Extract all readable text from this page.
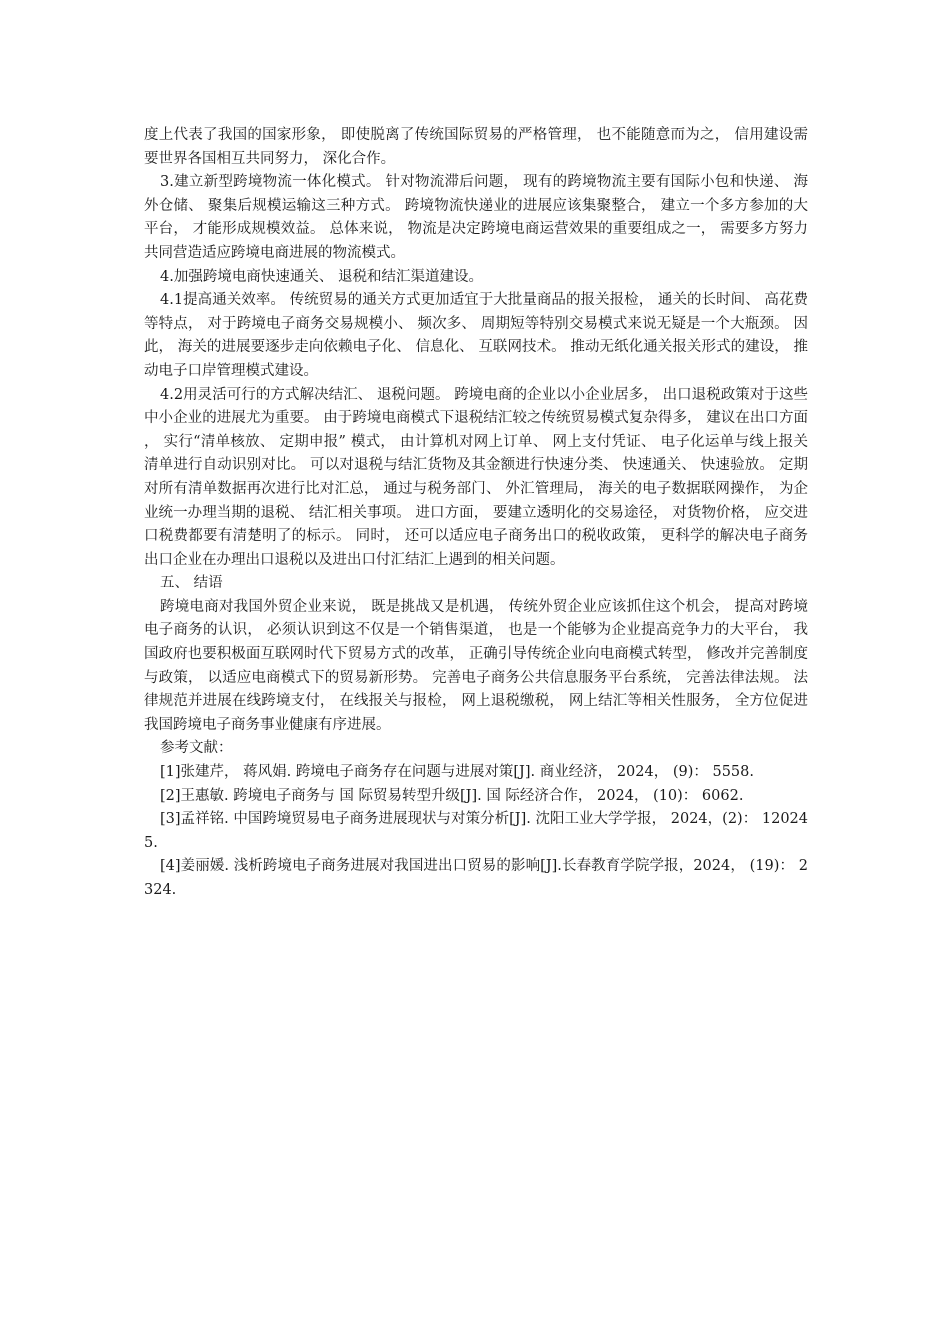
度上代表了我国的国家形象， 即使脱离了传统国际贸易的严格管理， 也不能随意而为之， 信用建设需要世界各国相互共同努力， 深化合作。

3.建立新型跨境物流一体化模式。 针对物流滞后问题， 现有的跨境物流主要有国际小包和快递、 海外仓储、 聚集后规模运输这三种方式。 跨境物流快递业的进展应该集聚整合， 建立一个多方参加的大平台， 才能形成规模效益。 总体来说， 物流是决定跨境电商运营效果的重要组成之一， 需要多方努力共同营造适应跨境电商进展的物流模式。

4.加强跨境电商快速通关、 退税和结汇渠道建设。

4.1提高通关效率。 传统贸易的通关方式更加适宜于大批量商品的报关报检， 通关的长时间、 高花费等特点， 对于跨境电子商务交易规模小、 频次多、 周期短等特别交易模式来说无疑是一个大瓶颈。 因此， 海关的进展要逐步走向依赖电子化、 信息化、 互联网技术。 推动无纸化通关报关形式的建设， 推动电子口岸管理模式建设。

4.2用灵活可行的方式解决结汇、 退税问题。 跨境电商的企业以小企业居多， 出口退税政策对于这些中小企业的进展尤为重要。 由于跨境电商模式下退税结汇较之传统贸易模式复杂得多， 建议在出口方面， 实行“清单核放、 定期申报” 模式， 由计算机对网上订单、 网上支付凭证、 电子化运单与线上报关清单进行自动识别对比。 可以对退税与结汇货物及其金额进行快速分类、 快速通关、 快速验放。 定期对所有清单数据再次进行比对汇总， 通过与税务部门、 外汇管理局， 海关的电子数据联网操作， 为企业统一办理当期的退税、 结汇相关事项。 进口方面， 要建立透明化的交易途径， 对货物价格， 应交进口税费都要有清楚明了的标示。 同时， 还可以适应电子商务出口的税收政策， 更科学的解决电子商务出口企业在办理出口退税以及进出口付汇结汇上遇到的相关问题。

五、 结语

跨境电商对我国外贸企业来说， 既是挑战又是机遇， 传统外贸企业应该抓住这个机会， 提高对跨境电子商务的认识， 必须认识到这不仅是一个销售渠道， 也是一个能够为企业提高竞争力的大平台， 我国政府也要积极面互联网时代下贸易方式的改革， 正确引导传统企业向电商模式转型， 修改并完善制度与政策， 以适应电商模式下的贸易新形势。 完善电子商务公共信息服务平台系统， 完善法律法规。 法律规范并进展在线跨境支付， 在线报关与报检， 网上退税缴税， 网上结汇等相关性服务， 全方位促进我国跨境电子商务事业健康有序进展。

参考文献：

[1]张建芹， 蒋风娟. 跨境电子商务存在问题与进展对策[J]. 商业经济， 2024， (9)： 5558.

[2]王惠敏. 跨境电子商务与 国 际贸易转型升级[J]. 国 际经济合作， 2024， (10)： 6062.

[3]孟祥铭. 中国跨境贸易电子商务进展现状与对策分析[J]. 沈阳工业大学学报， 2024，(2)： 120245.

[4]姜丽媛. 浅析跨境电子商务进展对我国进出口贸易的影响[J].长春教育学院学报，2024， (19)： 2324.
